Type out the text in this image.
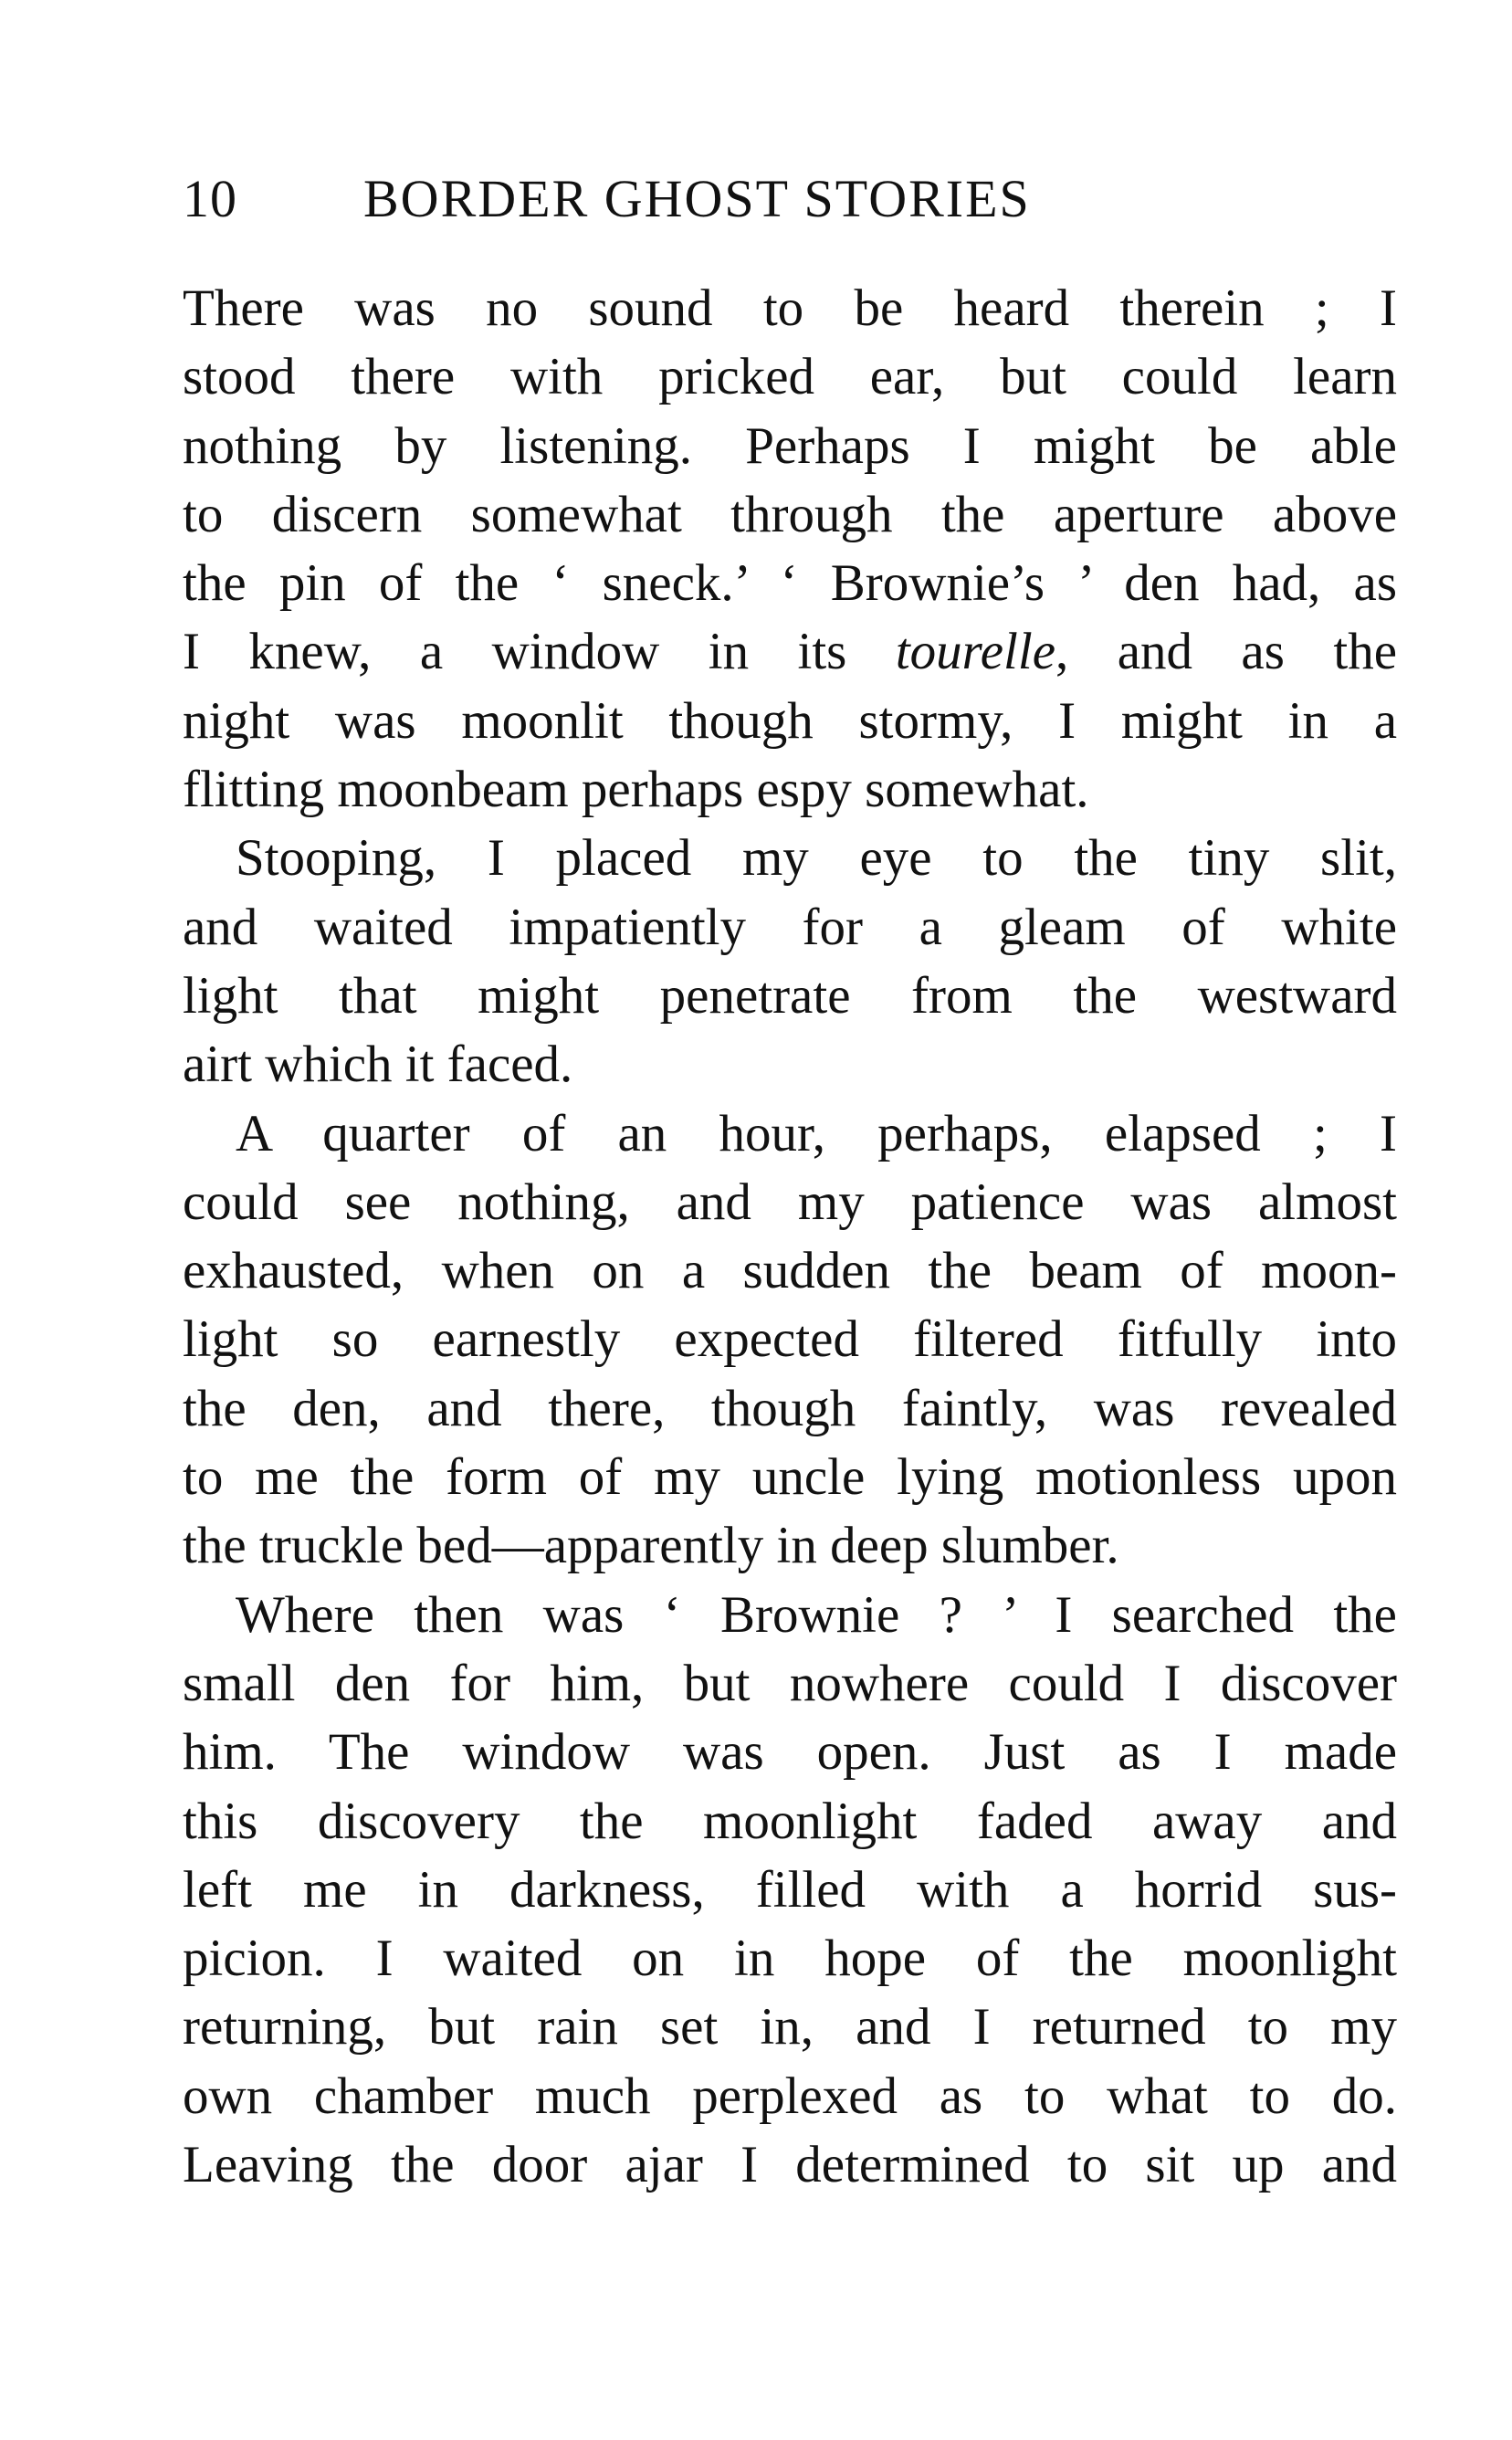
10 BORDER GHOST STORIES
There was no sound to be heard therein ; I
stood there with pricked ear, but could learn
nothing by listening. Perhaps I might be able
to discern somewhat through the aperture above
the pin of the ‘ sneck.’ ‘ Brownie’s ’ den had, as
I knew, a window in its tourelle, and as the
night was moonlit though stormy, I might in a
flitting moonbeam perhaps espy somewhat.
Stooping, I placed my eye to the tiny slit,
and waited impatiently for a gleam of white
light that might penetrate from the westward
airt which it faced.
A quarter of an hour, perhaps, elapsed ; I
could see nothing, and my patience was almost
exhausted, when on a sudden the beam of moon-
light so earnestly expected filtered fitfully into
the den, and there, though faintly, was revealed
to me the form of my uncle lying motionless upon
the truckle bed—apparently in deep slumber.
Where then was ‘ Brownie ? ’ I searched the
small den for him, but nowhere could I discover
him. The window was open. Just as I made
this discovery the moonlight faded away and
left me in darkness, filled with a horrid sus-
picion. I waited on in hope of the moonlight
returning, but rain set in, and I returned to my
own chamber much perplexed as to what to do.
Leaving the door ajar I determined to sit up and
